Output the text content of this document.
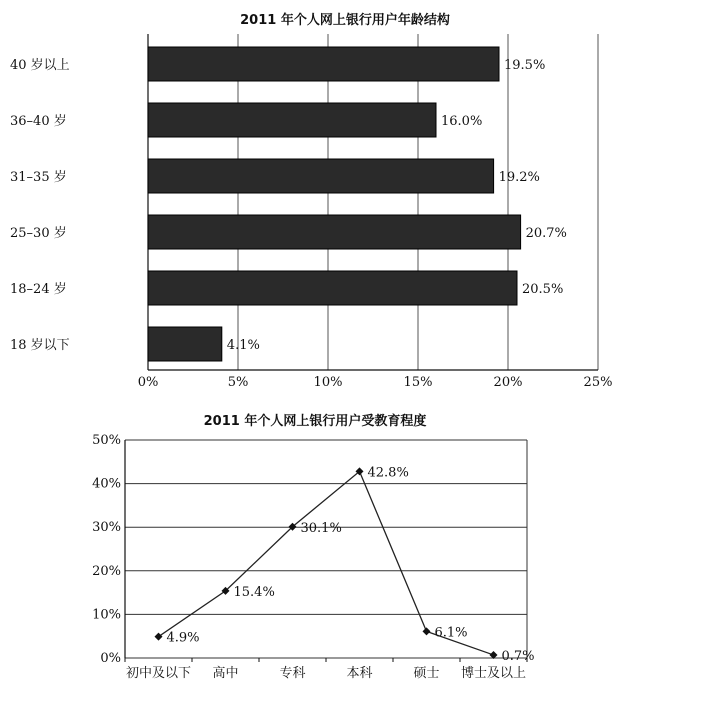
2011 年个人网上银行用户年龄结构
0%	5%	10%	15%	20%	25%
40 岁以上	19.5%
36–40 岁	16.0%
31–35 岁	19.2%
25–30 岁	20.7%
18–24 岁	20.5%
18 岁以下	4.1%
2011 年个人网上银行用户受教育程度
0%
10%
20%
30%
40%
50%
初中及以下 高中	专科	本科	硕士 博士及以上
4.9%
15.4%
30.1%
42.8%
6.1%
0.7%
